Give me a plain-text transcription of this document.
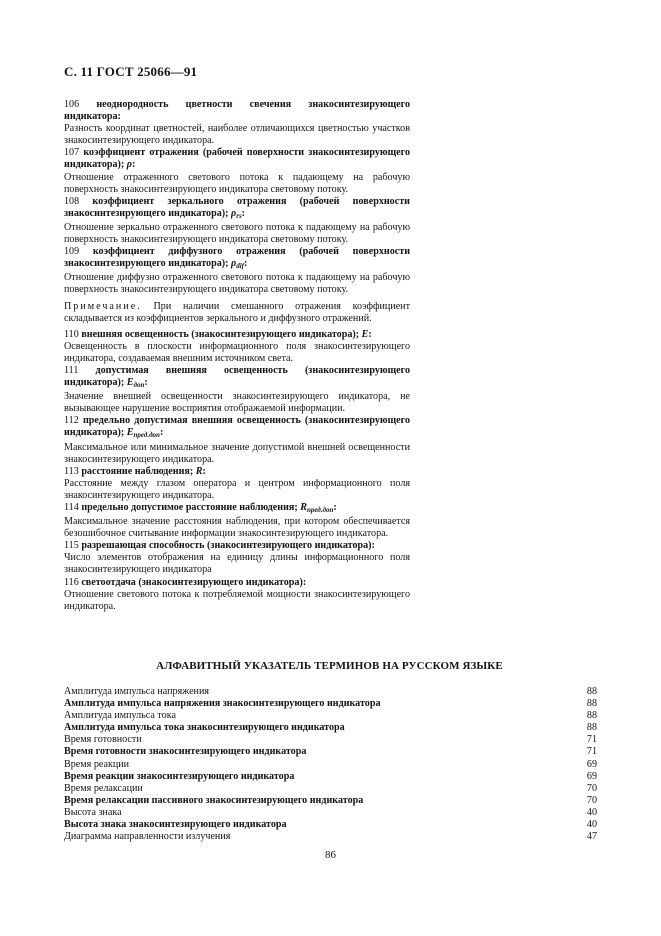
С. 11 ГОСТ 25066—91
106 неоднородность цветности свечения знакосинтезирующего индикатора:
Разность координат цветностей, наиболее отличающихся цветностью участков знакосинтезирующего индикатора.
107 коэффициент отражения (рабочей поверхности знакосинтезирующего индикатора); ρ:
Отношение отраженного светового потока к падающему на рабочую поверхность знакосинтезирующего индикатора световому потоку.
108 коэффициент зеркального отражения (рабочей поверхности знакосинтезирующего индикатора); $\rho_{rs}$:
Отношение зеркально отраженного светового потока к падающему на рабочую поверхность знакосинтезирующего индикатора световому потоку.
109 коэффициент диффузного отражения (рабочей поверхности знакосинтезирующего индикатора); $\rho_{dif}$:
Отношение диффузно отраженного светового потока к падающему на рабочую поверхность знакосинтезирующего индикатора световому потоку.
Примечание. При наличии смешанного отражения коэффициент складывается из коэффициентов зеркального и диффузного отражений.
110 внешняя освещенность (знакосинтезирующего индикатора); E:
Освещенность в плоскости информационного поля знакосинтезирующего индикатора, создаваемая внешним источником света.
111 допустимая внешняя освещенность (знакосинтезирующего индикатора); $E_{доп}$:
Значение внешней освещенности знакосинтезирующего индикатора, не вызывающее нарушение восприятия отображаемой информации.
112 предельно допустимая внешняя освещенность (знакосинтезирующего индикатора); $E_{пред.доп}$:
Максимальное или минимальное значение допустимой внешней освещенности знакосинтезирующего индикатора.
113 расстояние наблюдения; R:
Расстояние между глазом оператора и центром информационного поля знакосинтезирующего индикатора.
114 предельно допустимое расстояние наблюдения; $R_{пред.доп}$:
Максимальное значение расстояния наблюдения, при котором обеспечивается безошибочное считывание информации знакосинтезирующего индикатора.
115 разрешающая способность (знакосинтезирующего индикатора):
Число элементов отображения на единицу длины информационного поля знакосинтезирующего индикатора
116 светоотдача (знакосинтезирующего индикатора):
Отношение светового потока к потребляемой мощности знакосинтезирующего индикатора.
АЛФАВИТНЫЙ УКАЗАТЕЛЬ ТЕРМИНОВ НА РУССКОМ ЯЗЫКЕ
Амплитуда импульса напряжения	88
Амплитуда импульса напряжения знакосинтезирующего индикатора	88
Амплитуда импульса тока	88
Амплитуда импульса тока знакосинтезирующего индикатора	88
Время готовности	71
Время готовности знакосинтезирующего индикатора	71
Время реакции	69
Время реакции знакосинтезирующего индикатора	69
Время релаксации	70
Время релаксации пассивного знакосинтезирующего индикатора	70
Высота знака	40
Высота знака знакосинтезирующего индикатора	40
Диаграмма направленности излучения	47
86
